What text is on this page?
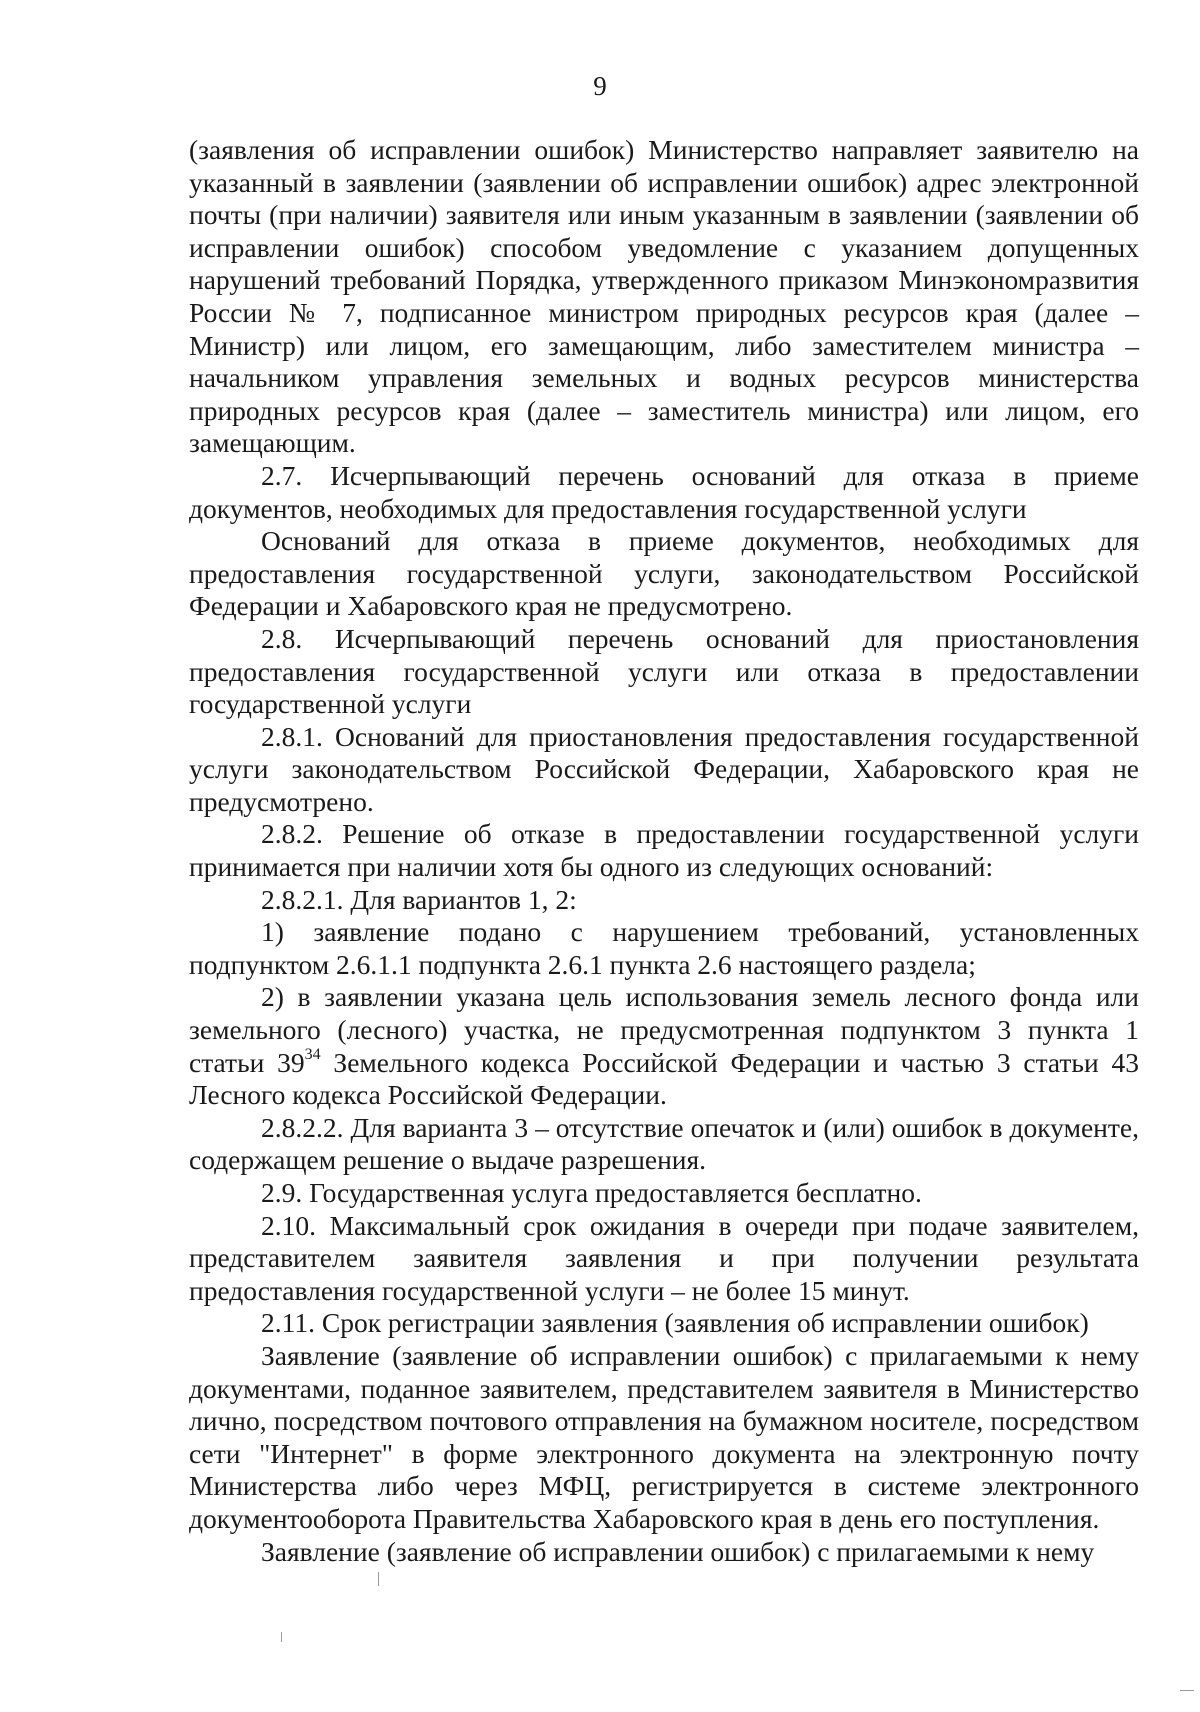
9

(заявления об исправлении ошибок) Министерство направляет заявителю на указанный в заявлении (заявлении об исправлении ошибок) адрес электронной почты (при наличии) заявителя или иным указанным в заявлении (заявлении об исправлении ошибок) способом уведомление с указанием допущенных нарушений требований Порядка, утвержденного приказом Минэкономразвития России № 7, подписанное министром природных ресурсов края (далее – Министр) или лицом, его замещающим, либо заместителем министра – начальником управления земельных и водных ресурсов министерства природных ресурсов края (далее – заместитель министра) или лицом, его замещающим.

2.7. Исчерпывающий перечень оснований для отказа в приеме документов, необходимых для предоставления государственной услуги

Оснований для отказа в приеме документов, необходимых для предоставления государственной услуги, законодательством Российской Федерации и Хабаровского края не предусмотрено.

2.8. Исчерпывающий перечень оснований для приостановления предоставления государственной услуги или отказа в предоставлении государственной услуги

2.8.1. Оснований для приостановления предоставления государственной услуги законодательством Российской Федерации, Хабаровского края не предусмотрено.

2.8.2. Решение об отказе в предоставлении государственной услуги принимается при наличии хотя бы одного из следующих оснований:

2.8.2.1. Для вариантов 1, 2:

1) заявление подано с нарушением требований, установленных подпунктом 2.6.1.1 подпункта 2.6.1 пункта 2.6 настоящего раздела;

2) в заявлении указана цель использования земель лесного фонда или земельного (лесного) участка, не предусмотренная подпунктом 3 пункта 1 статьи $39^{34}$ Земельного кодекса Российской Федерации и частью 3 статьи 43 Лесного кодекса Российской Федерации.

2.8.2.2. Для варианта 3 – отсутствие опечаток и (или) ошибок в документе, содержащем решение о выдаче разрешения.

2.9. Государственная услуга предоставляется бесплатно.

2.10. Максимальный срок ожидания в очереди при подаче заявителем, представителем заявителя заявления и при получении результата предоставления государственной услуги – не более 15 минут.

2.11. Срок регистрации заявления (заявления об исправлении ошибок)

Заявление (заявление об исправлении ошибок) с прилагаемыми к нему документами, поданное заявителем, представителем заявителя в Министерство лично, посредством почтового отправления на бумажном носителе, посредством сети "Интернет" в форме электронного документа на электронную почту Министерства либо через МФЦ, регистрируется в системе электронного документооборота Правительства Хабаровского края в день его поступления.

Заявление (заявление об исправлении ошибок) с прилагаемыми к нему
